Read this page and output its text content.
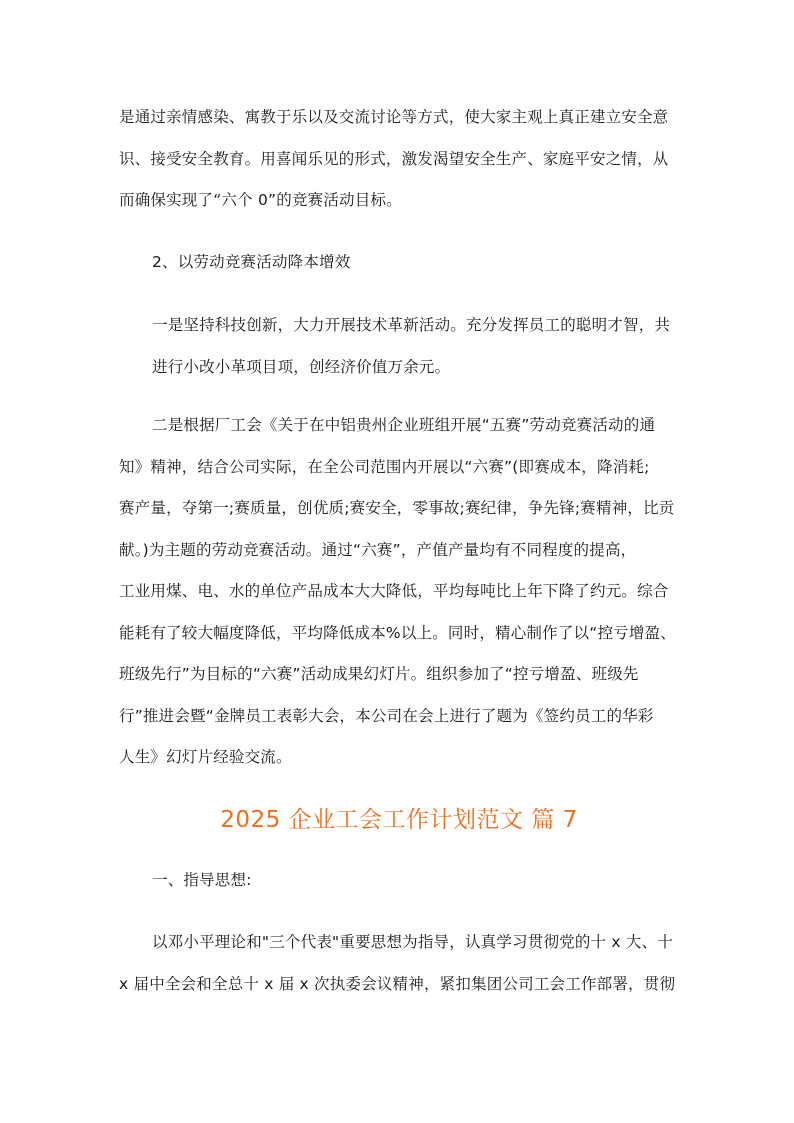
是通过亲情感染、寓教于乐以及交流讨论等方式，使大家主观上真正建立安全意
识、接受安全教育。用喜闻乐见的形式，激发渴望安全生产、家庭平安之情，从
而确保实现了“六个 0”的竞赛活动目标。

2、以劳动竞赛活动降本增效

一是坚持科技创新，大力开展技术革新活动。充分发挥员工的聪明才智，共
进行小改小革项目项，创经济价值万余元。

二是根据厂工会《关于在中铝贵州企业班组开展“五赛”劳动竞赛活动的通
知》精神，结合公司实际，在全公司范围内开展以“六赛”(即赛成本，降消耗;
赛产量，夺第一;赛质量，创优质;赛安全，零事故;赛纪律，争先锋;赛精神，比贡
献。)为主题的劳动竞赛活动。通过“六赛”，产值产量均有不同程度的提高，
工业用煤、电、水的单位产品成本大大降低，平均每吨比上年下降了约元。综合
能耗有了较大幅度降低，平均降低成本%以上。同时，精心制作了以“控亏增盈、
班级先行”为目标的“六赛”活动成果幻灯片。组织参加了“控亏增盈、班级先
行”推进会暨“金牌员工表彰大会，本公司在会上进行了题为《签约员工的华彩
人生》幻灯片经验交流。

2025 企业工会工作计划范文 篇 7

一、指导思想:

以邓小平理论和"三个代表"重要思想为指导，认真学习贯彻党的十 x 大、十
x 届中全会和全总十 x 届 x 次执委会议精神，紧扣集团公司工会工作部署，贯彻
